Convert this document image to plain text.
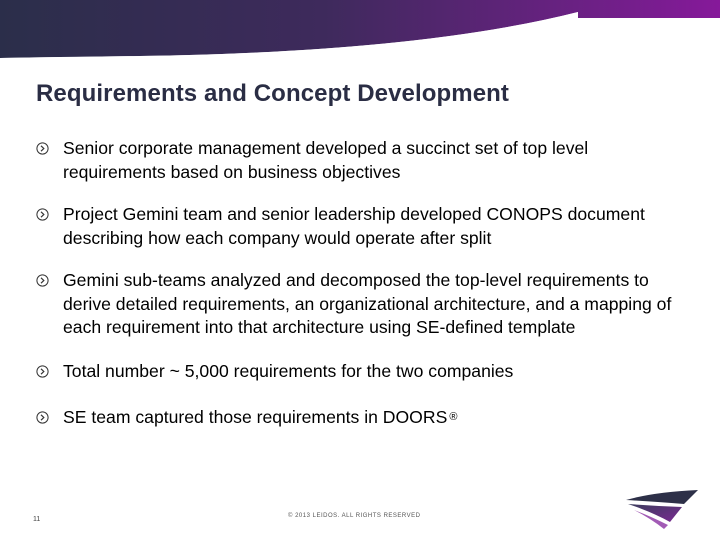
Requirements and Concept Development
Senior corporate management developed a succinct set of top level requirements based on business objectives
Project Gemini team and senior leadership developed CONOPS document describing how each company would operate after split
Gemini sub-teams analyzed and decomposed the top-level requirements to derive detailed requirements, an organizational architecture, and a mapping of each requirement into that architecture using SE-defined template
Total number ~ 5,000 requirements for the two companies
SE team captured those requirements in DOORS ®
11	© 2013 LEIDOS. ALL RIGHTS RESERVED
